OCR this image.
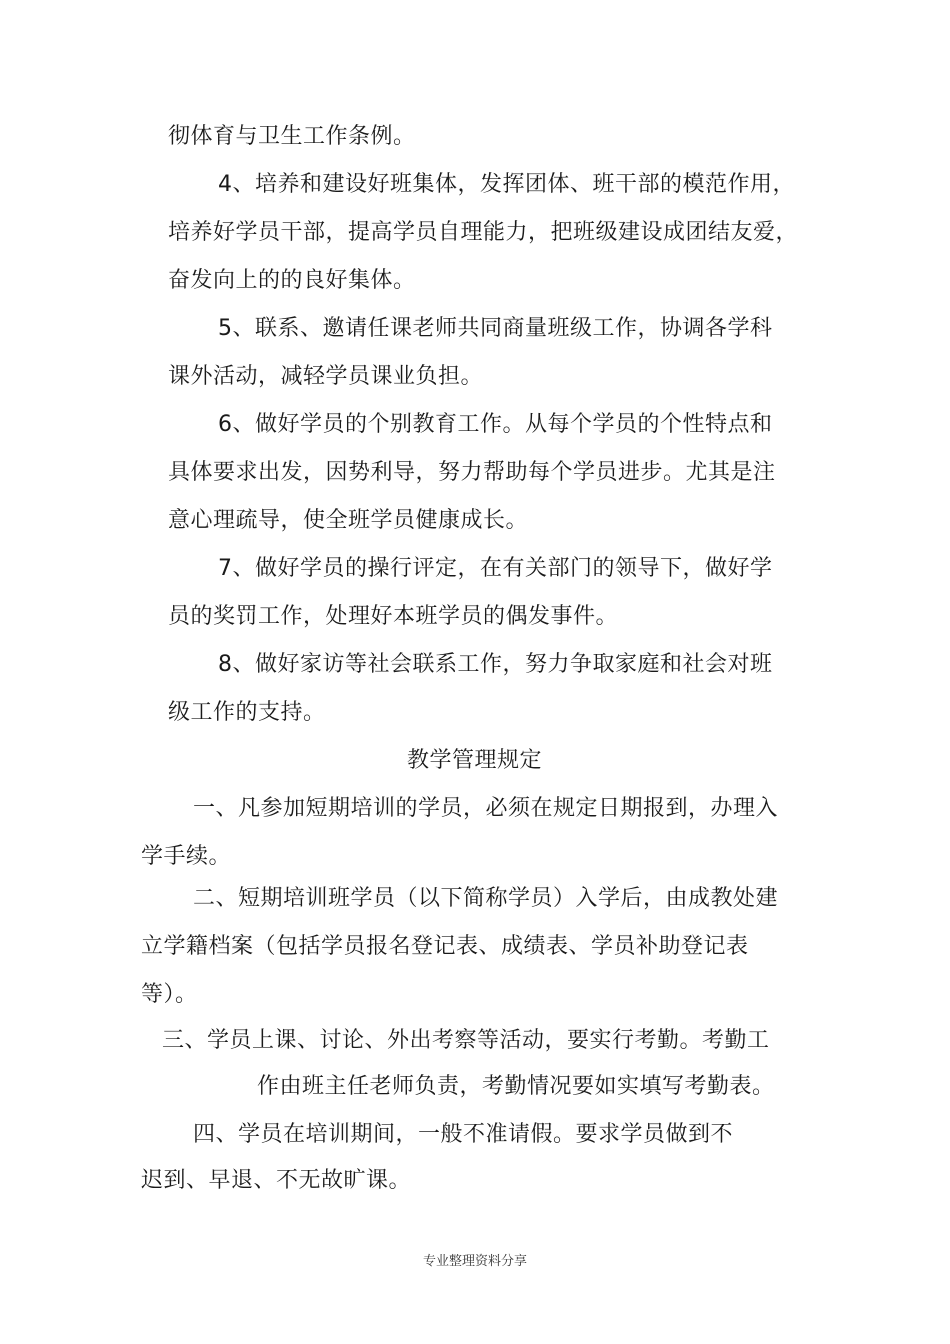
彻体育与卫生工作条例。
4、培养和建设好班集体，发挥团体、班干部的模范作用，
培养好学员干部，提高学员自理能力，把班级建设成团结友爱，
奋发向上的的良好集体。
5、联系、邀请任课老师共同商量班级工作，协调各学科
课外活动，减轻学员课业负担。
6、做好学员的个别教育工作。从每个学员的个性特点和
具体要求出发，因势利导，努力帮助每个学员进步。尤其是注
意心理疏导，使全班学员健康成长。
7、做好学员的操行评定，在有关部门的领导下，做好学
员的奖罚工作，处理好本班学员的偶发事件。
8、做好家访等社会联系工作，努力争取家庭和社会对班
级工作的支持。
教学管理规定
一、凡参加短期培训的学员，必须在规定日期报到，办理入
学手续。
二、短期培训班学员（以下简称学员）入学后，由成教处建
立学籍档案（包括学员报名登记表、成绩表、学员补助登记表
等）。
三、学员上课、讨论、外出考察等活动，要实行考勤。考勤工
作由班主任老师负责，考勤情况要如实填写考勤表。
四、学员在培训期间，一般不准请假。要求学员做到不
迟到、早退、不无故旷课。
专业整理资料分享
